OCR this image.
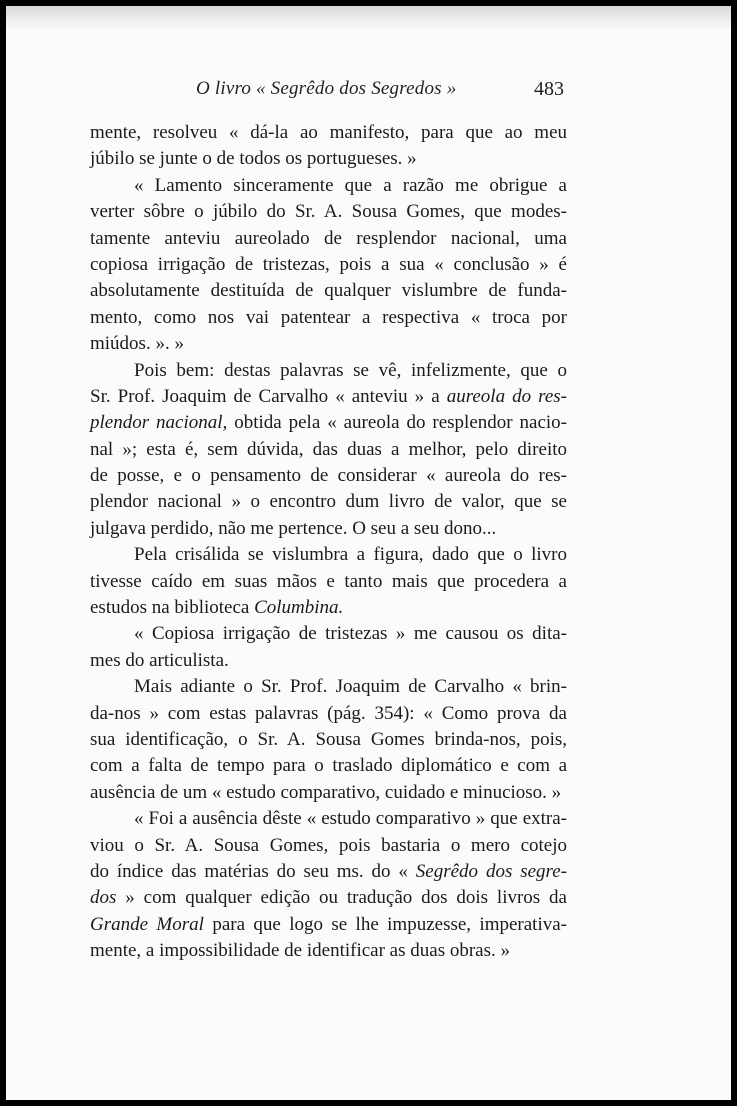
O livro « Segrêdo dos Segredos »	483
mente, resolveu « dá-la ao manifesto, para que ao meu
júbilo se junte o de todos os portugueses. »
« Lamento sinceramente que a razão me obrigue a
verter sôbre o júbilo do Sr. A. Sousa Gomes, que modes-
tamente anteviu aureolado de resplendor nacional, uma
copiosa irrigação de tristezas, pois a sua « conclusão » é
absolutamente destituída de qualquer vislumbre de funda-
mento, como nos vai patentear a respectiva « troca por
miúdos. ». »
Pois bem: destas palavras se vê, infelizmente, que o
Sr. Prof. Joaquim de Carvalho « anteviu » a aureola do res-
plendor nacional, obtida pela « aureola do resplendor nacio-
nal »; esta é, sem dúvida, das duas a melhor, pelo direito
de posse, e o pensamento de considerar « aureola do res-
plendor nacional » o encontro dum livro de valor, que se
julgava perdido, não me pertence. O seu a seu dono...
Pela crisálida se vislumbra a figura, dado que o livro
tivesse caído em suas mãos e tanto mais que procedera a
estudos na biblioteca Columbina.
« Copiosa irrigação de tristezas » me causou os dita-
mes do articulista.
Mais adiante o Sr. Prof. Joaquim de Carvalho « brin-
da-nos » com estas palavras (pág. 354): « Como prova da
sua identificação, o Sr. A. Sousa Gomes brinda-nos, pois,
com a falta de tempo para o traslado diplomático e com a
ausência de um « estudo comparativo, cuidado e minucioso. »
« Foi a ausência dêste « estudo comparativo » que extra-
viou o Sr. A. Sousa Gomes, pois bastaria o mero cotejo
do índice das matérias do seu ms. do « Segrêdo dos segre-
dos » com qualquer edição ou tradução dos dois livros da
Grande Moral para que logo se lhe impuzesse, imperativa-
mente, a impossibilidade de identificar as duas obras. »
